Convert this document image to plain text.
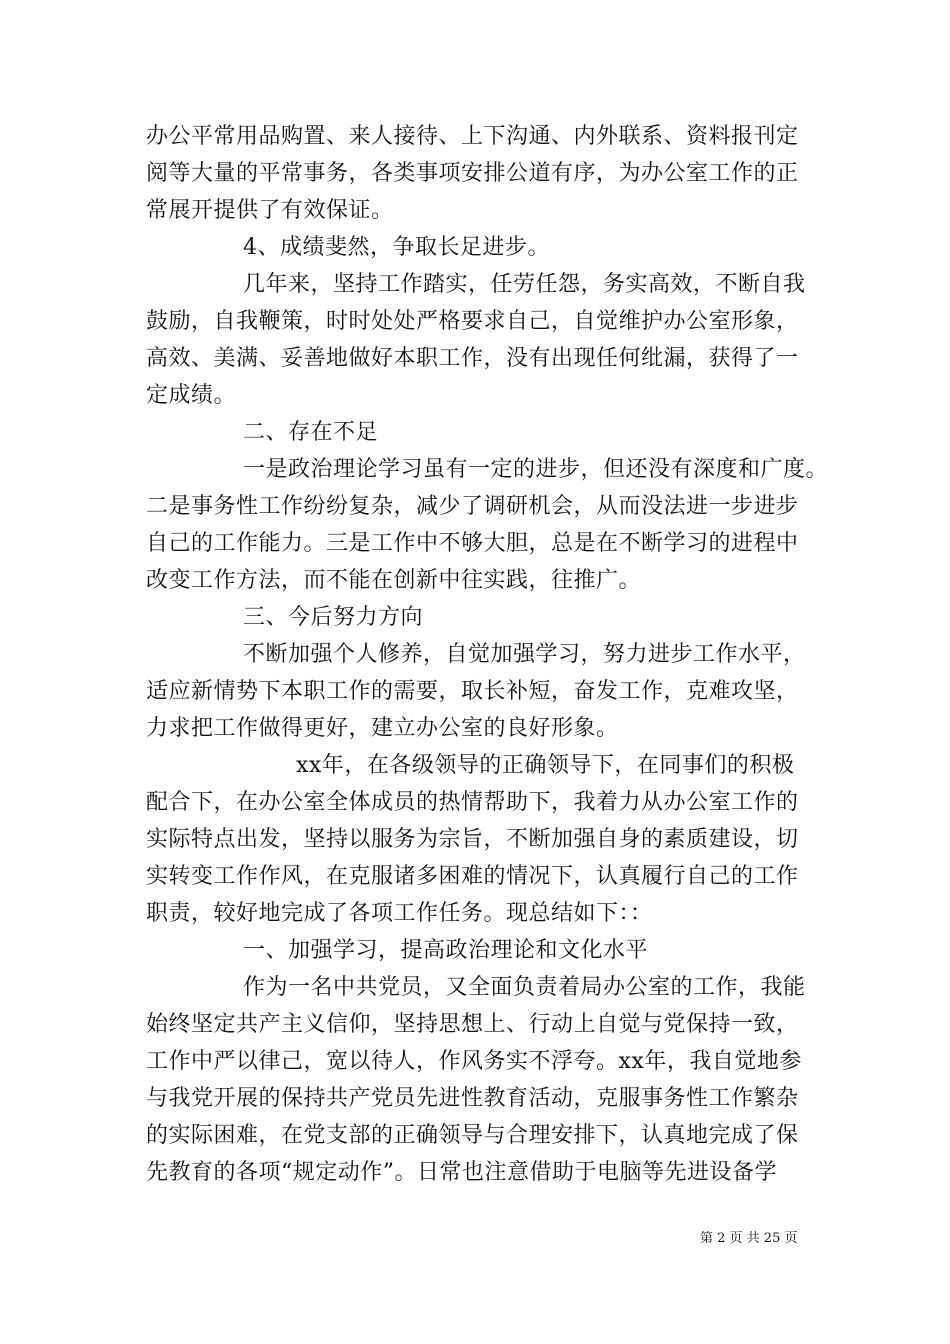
办公平常用品购置、来人接待、上下沟通、内外联系、资料报刊定
阅等大量的平常事务，各类事项安排公道有序，为办公室工作的正
常展开提供了有效保证。
4、成绩斐然，争取长足进步。
几年来，坚持工作踏实，任劳任怨，务实高效，不断自我
鼓励，自我鞭策，时时处处严格要求自己，自觉维护办公室形象，
高效、美满、妥善地做好本职工作，没有出现任何纰漏，获得了一
定成绩。
二、存在不足
一是政治理论学习虽有一定的进步，但还没有深度和广度。
二是事务性工作纷纷复杂，减少了调研机会，从而没法进一步进步
自己的工作能力。三是工作中不够大胆，总是在不断学习的进程中
改变工作方法，而不能在创新中往实践，往推广。
三、今后努力方向
不断加强个人修养，自觉加强学习，努力进步工作水平，
适应新情势下本职工作的需要，取长补短，奋发工作，克难攻坚，
力求把工作做得更好，建立办公室的良好形象。
xx年，在各级领导的正确领导下，在同事们的积极
配合下，在办公室全体成员的热情帮助下，我着力从办公室工作的
实际特点出发，坚持以服务为宗旨，不断加强自身的素质建设，切
实转变工作作风，在克服诸多困难的情况下，认真履行自己的工作
职责，较好地完成了各项工作任务。现总结如下：：
一、加强学习，提高政治理论和文化水平
作为一名中共党员，又全面负责着局办公室的工作，我能
始终坚定共产主义信仰，坚持思想上、行动上自觉与党保持一致，
工作中严以律己，宽以待人，作风务实不浮夸。xx年，我自觉地参
与我党开展的保持共产党员先进性教育活动，克服事务性工作繁杂
的实际困难，在党支部的正确领导与合理安排下，认真地完成了保
先教育的各项“规定动作”。日常也注意借助于电脑等先进设备学
第 2 页 共 25 页
